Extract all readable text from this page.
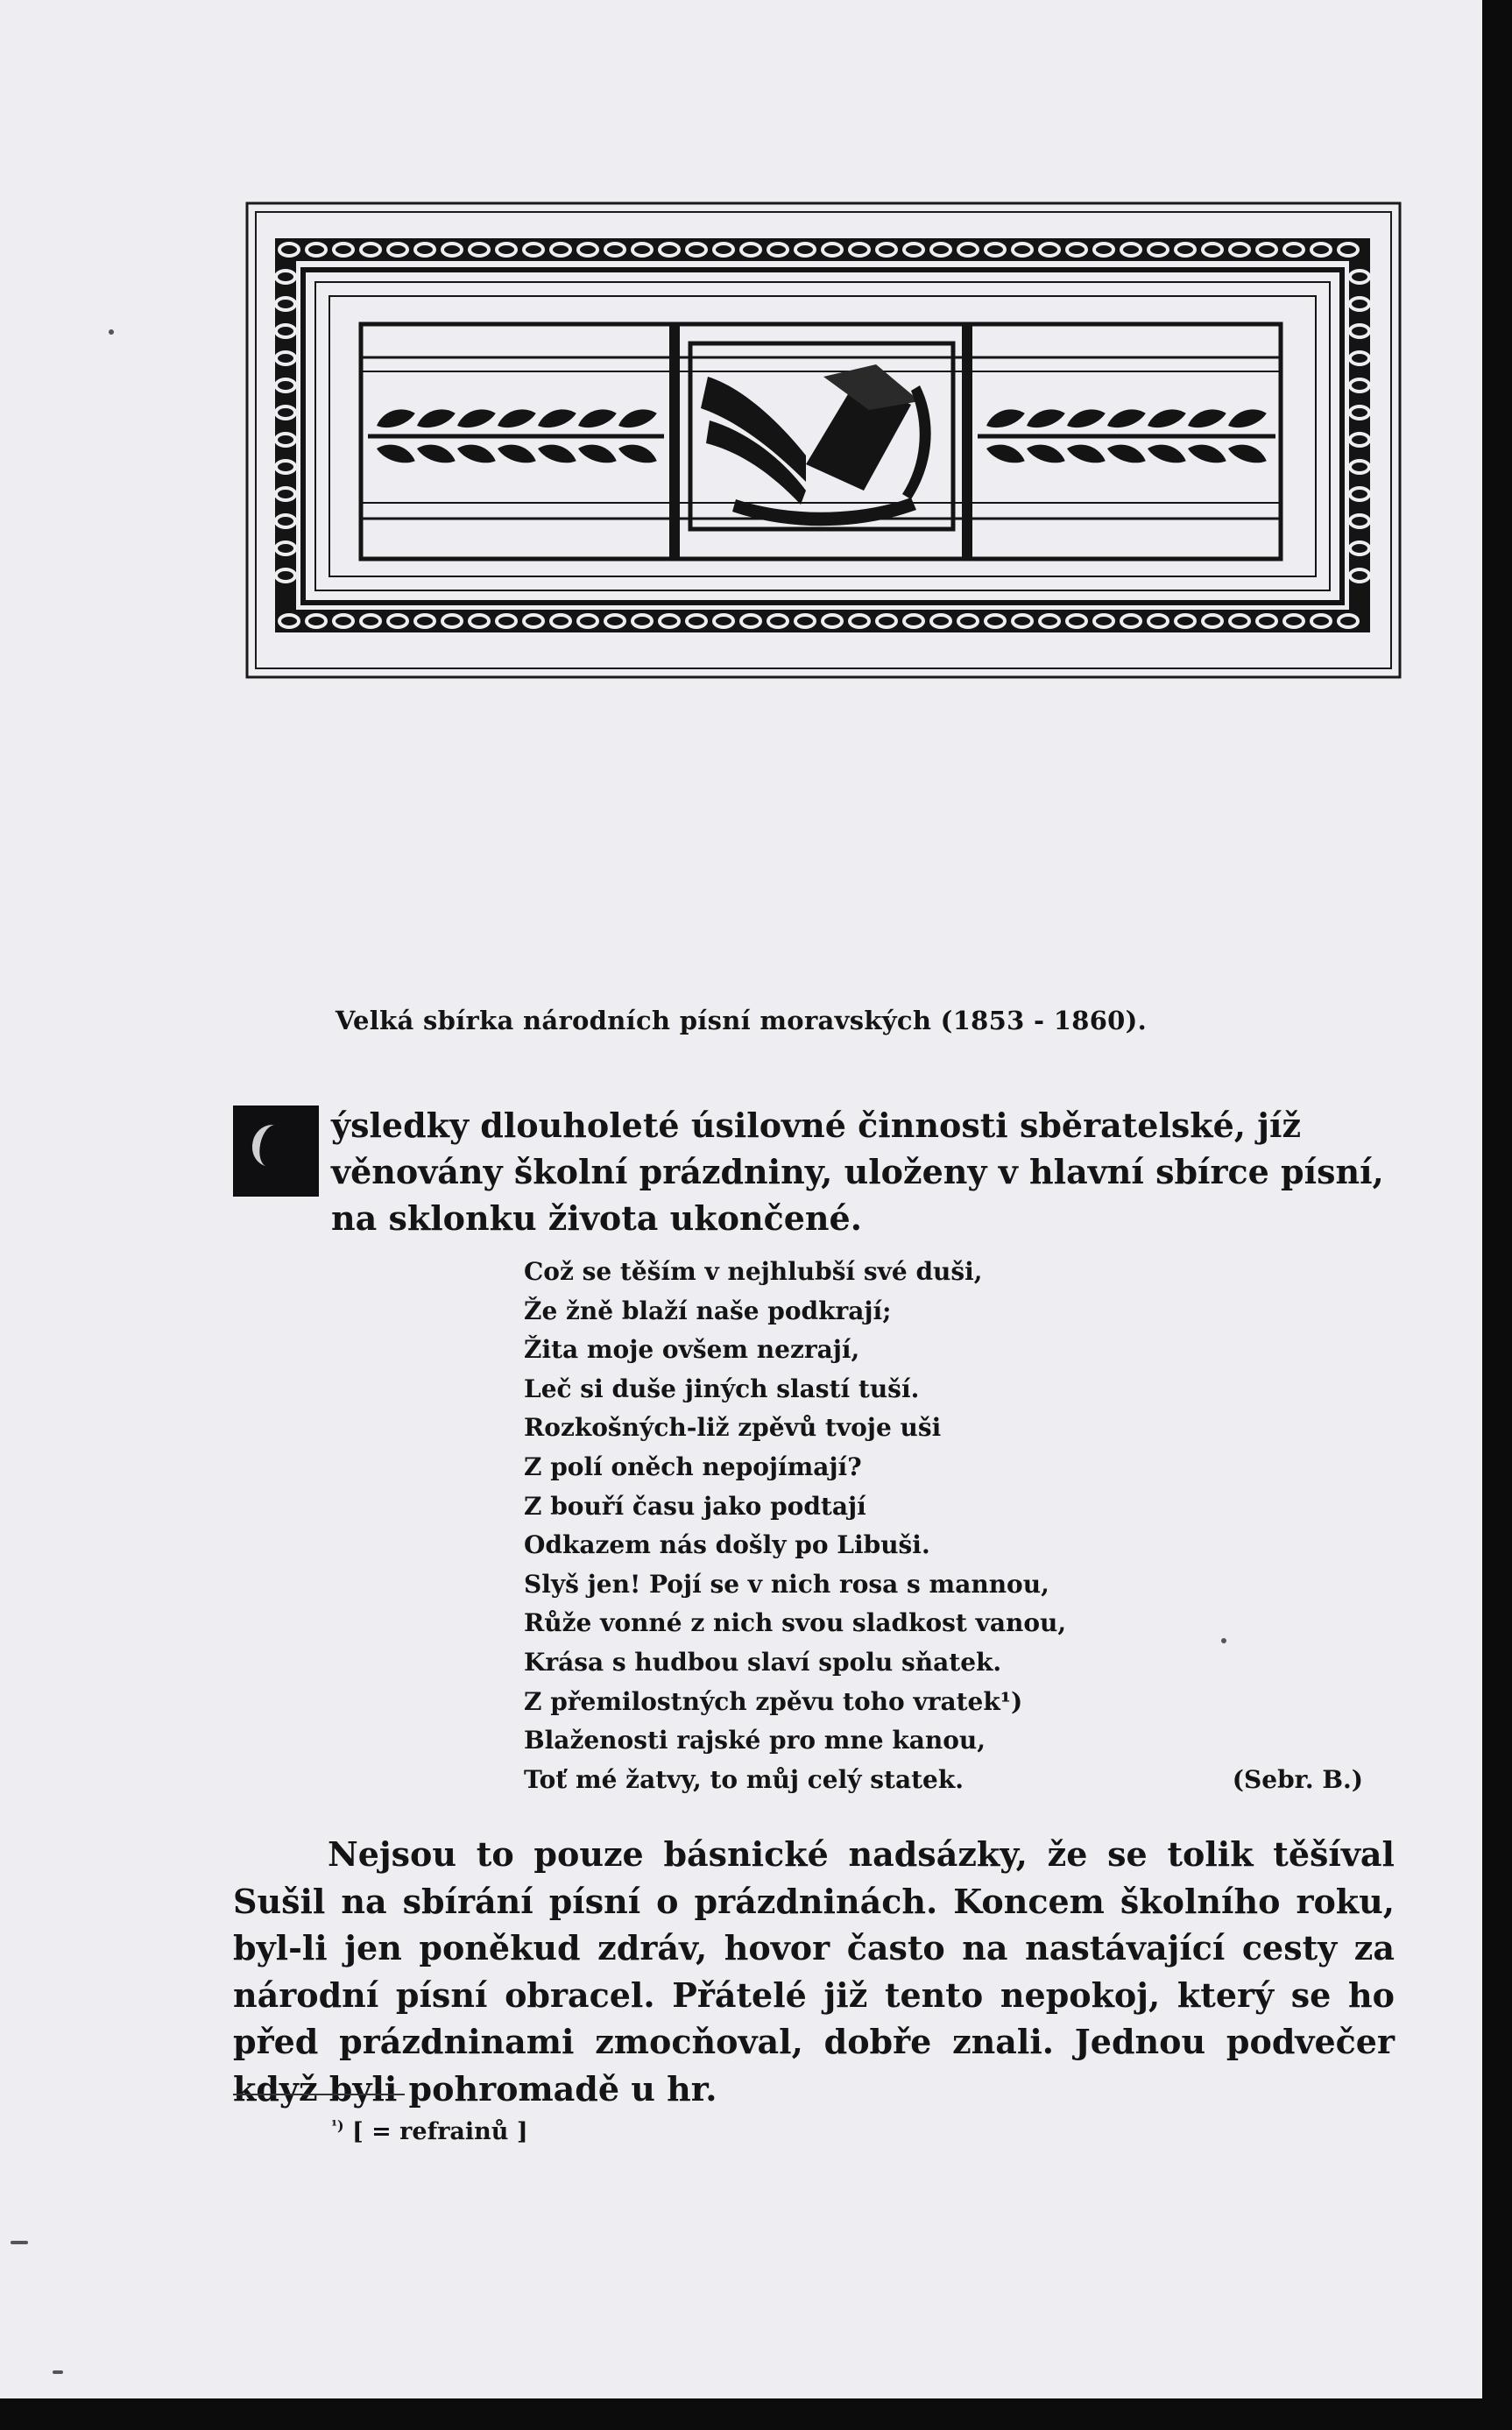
Velká sbírka národních písní moravských (1853 - 1860).
ýsledky dlouholeté úsilovné činnosti sběratelské, jíž věnovány školní prázdniny, uloženy v hlavní sbírce písní, na sklonku života ukončené.
Což se těším v nejhlubší své duši,
Že žně blaží naše podkrají;
Žita moje ovšem nezrají,
Leč si duše jiných slastí tuší.
Rozkošných-liž zpěvů tvoje uši
Z polí oněch nepojímají?
Z bouří času jako podtají
Odkazem nás došly po Libuši.
Slyš jen! Pojí se v nich rosa s mannou,
Růže vonné z nich svou sladkost vanou,
Krása s hudbou slaví spolu sňatek.
Z přemilostných zpěvu toho vratek¹)
Blaženosti rajské pro mne kanou,
Toť mé žatvy, to můj celý statek.	(Sebr. B.)
Nejsou to pouze básnické nadsázky, že se tolik těšíval Sušil na sbírání písní o prázdninách. Koncem školního roku, byl-li jen poněkud zdráv, hovor často na nastávající cesty za národní písní obracel. Přátelé již tento nepokoj, který se ho před prázdninami zmocňoval, dobře znali. Jednou podvečer když byli pohromadě u hr.
$^{^1)}$ [ = refrainů ]
